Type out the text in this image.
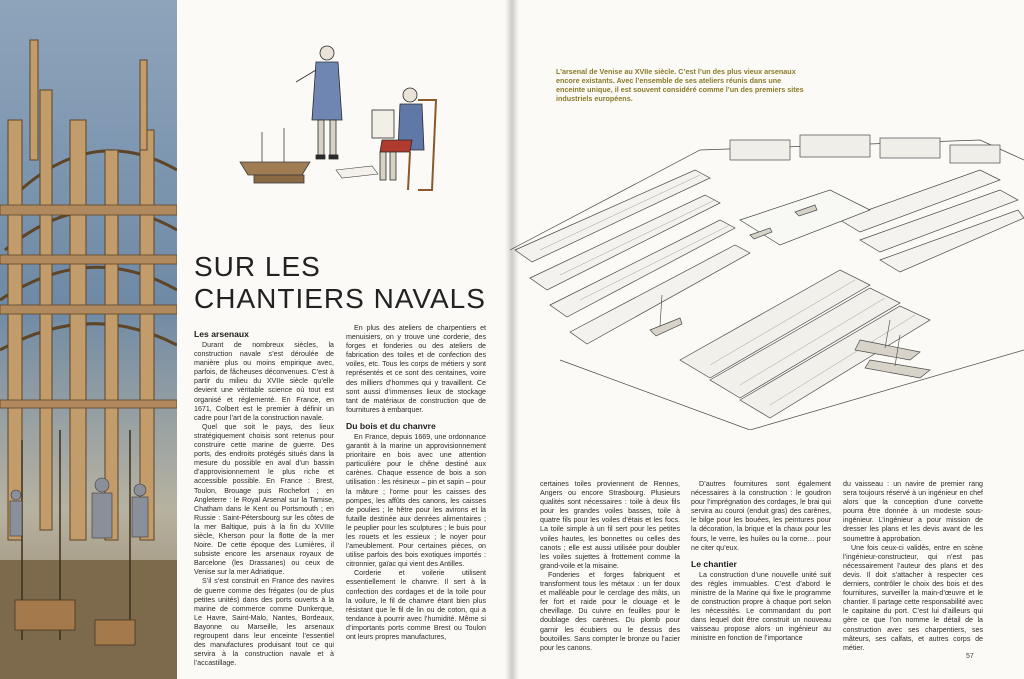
SUR LES CHANTIERS NAVALS
Les arsenaux

Durant de nombreux siècles, la construction navale s’est déroulée de manière plus ou moins empirique avec, parfois, de fâcheuses déconvenues. C’est à partir du milieu du XVIIe siècle qu’elle devient une véritable science où tout est organisé et réglementé. En France, en 1671, Colbert est le premier à définir un cadre pour l’art de la construction navale.

Quel que soit le pays, des lieux stratégiquement choisis sont retenus pour construire cette marine de guerre. Des ports, des endroits protégés situés dans la mesure du possible en aval d’un bassin d’approvisionnement le plus riche et accessible possible. En France : Brest, Toulon, Brouage puis Rochefort ; en Angleterre : le Royal Arsenal sur la Tamise, Chatham dans le Kent ou Portsmouth ; en Russie : Saint-Pétersbourg sur les côtes de la mer Baltique, puis à la fin du XVIIIe siècle, Kherson pour la flotte de la mer Noire. De cette époque des Lumières, il subsiste encore les arsenaux royaux de Barcelone (les Drassanes) ou ceux de Venise sur la mer Adriatique.

S’il s’est construit en France des navires de guerre comme des frégates (ou de plus petites unités) dans des ports ouverts à la marine de commerce comme Dunkerque, Le Havre, Saint-Malo, Nantes, Bordeaux, Bayonne ou Marseille, les arsenaux regroupent dans leur enceinte l’essentiel des manufactures produisant tout ce qui servira à la construction navale et à l’accastillage.

En plus des ateliers de charpentiers et menuisiers, on y trouve une corderie, des forges et fonderies ou des ateliers de fabrication des toiles et de confection des voiles, etc. Tous les corps de métiers y sont représentés et ce sont des centaines, voire des milliers d’hommes qui y travaillent. Ce sont aussi d’immenses lieux de stockage tant de matériaux de construction que de fournitures à embarquer.

Du bois et du chanvre

En France, depuis 1669, une ordonnance garantit à la marine un approvisionnement prioritaire en bois avec une attention particulière pour le chêne destiné aux carènes. Chaque essence de bois a son utilisation : les résineux – pin et sapin – pour la mâture ; l’orme pour les caisses des pompes, les affûts des canons, les caisses de poulies ; le hêtre pour les avirons et la futaille destinée aux denrées alimentaires ; le peuplier pour les sculptures ; le buis pour les rouets et les essieux ; le noyer pour l’ameublement. Pour certaines pièces, on utilise parfois des bois exotiques importés : citronnier, gaïac qui vient des Antilles.

Corderie et voilerie utilisent essentiellement le chanvre. Il sert à la confection des cordages et de la toile pour la voilure, le fil de chanvre étant bien plus résistant que le fil de lin ou de coton, qui a tendance à pourrir avec l’humidité. Même si d’importants ports comme Brest ou Toulon ont leurs propres manufactures,

L’arsenal de Venise au XVIIe siècle. C’est l’un des plus vieux arsenaux encore existants. Avec l’ensemble de ses ateliers réunis dans une enceinte unique, il est souvent considéré comme l’un des premiers sites industriels européens.

certaines toiles proviennent de Rennes, Angers ou encore Strasbourg. Plusieurs qualités sont nécessaires : toile à deux fils pour les grandes voiles basses, toile à quatre fils pour les voiles d’étais et les focs. La toile simple à un fil sert pour les petites voiles hautes, les bonnettes ou celles des canots ; elle est aussi utilisée pour doubler les voiles sujettes à frottement comme la grand-voile et la misaine.

Fonderies et forges fabriquent et transforment tous les métaux : un fer doux et malléable pour le cerclage des mâts, un fer fort et raide pour le clouage et le chevillage. Du cuivre en feuilles pour le doublage des carènes. Du plomb pour garnir les écubiers ou le dessus des boutoilles. Sans compter le bronze ou l’acier pour les canons.

D’autres fournitures sont également nécessaires à la construction : le goudron pour l’imprégnation des cordages, le brai qui servira au couroi (enduit gras) des carènes, le bilge pour les bouées, les peintures pour la décoration, la brique et la chaux pour les fours, le verre, les huiles ou la corne… pour ne citer qu’eux.

Le chantier

La construction d’une nouvelle unité suit des règles immuables. C’est d’abord le ministre de la Marine qui fixe le programme de construction propre à chaque port selon les nécessités. Le commandant du port dans lequel doit être construit un nouveau vaisseau propose alors un ingénieur au ministre en fonction de l’importance

du vaisseau : un navire de premier rang sera toujours réservé à un ingénieur en chef alors que la conception d’une corvette pourra être donnée à un modeste sous-ingénieur. L’ingénieur a pour mission de dresser les plans et les devis avant de les soumettre à approbation.

Une fois ceux-ci validés, entre en scène l’ingénieur-constructeur, qui n’est pas nécessairement l’auteur des plans et des devis. Il doit s’attacher à respecter ces derniers, contrôler le choix des bois et des fournitures, surveiller la main-d’œuvre et le chantier. Il partage cette responsabilité avec le capitaine du port. C’est lui d’ailleurs qui gère ce que l’on nomme le détail de la construction avec ses charpentiers, ses mâteurs, ses calfats, et autres corps de métier.

57
